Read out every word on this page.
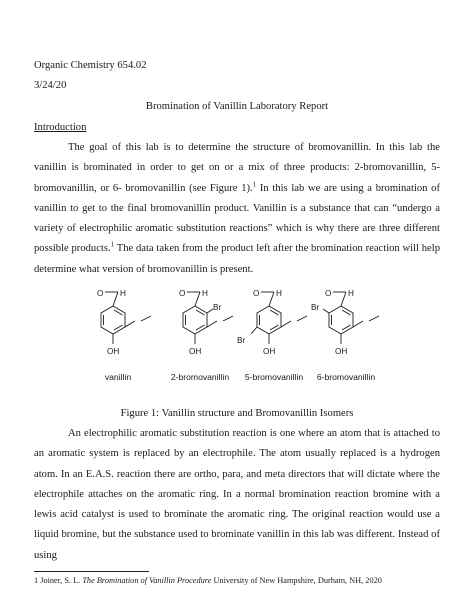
Organic Chemistry 654.02
3/24/20
Bromination of Vanillin Laboratory Report
Introduction

The goal of this lab is to determine the structure of bromovanillin. In this lab the vanillin is brominated in order to get on or a mix of three products: 2-bromovanillin, 5- bromovanillin, or 6- bromovanillin (see Figure 1).$^1$ In this lab we are using a bromination of vanillin to get to the final bromovanillin product. Vanillin is a substance that can “undergo a variety of electrophilic aromatic substitution reactions” which is why there are three different possible products.$^1$ The data taken from the product left after the bromination reaction will help determine what version of bromovanillin is present.

O H
OH
vanillin
O H
Br
OH
2-bromovanillin
O H
Br
OH
5-bromovanillin
O H
Br
OH
6-bromovanillin
Figure 1: Vanillin structure and Bromovanillin Isomers

An electrophilic aromatic substitution reaction is one where an atom that is attached to an aromatic system is replaced by an electrophile. The atom usually replaced is a hydrogen atom. In an E.A.S. reaction there are ortho, para, and meta directors that will dictate where the electrophile attaches on the aromatic ring. In a normal bromination reaction bromine with a lewis acid catalyst is used to brominate the aromatic ring. The original reaction would use a liquid bromine, but the substance used to brominate vanillin in this lab was different. Instead of using

1 Joiner, S. L. The Bromination of Vanillin Procedure University of New Hampshire, Durham, NH, 2020
